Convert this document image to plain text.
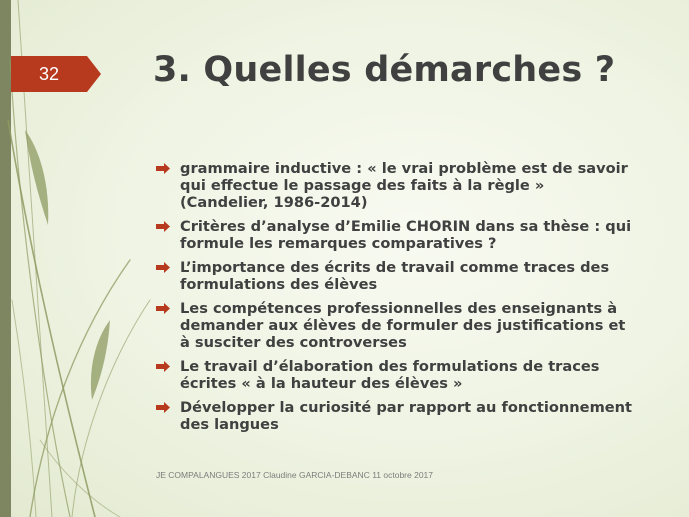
32	3. Quelles démarches ?
grammaire inductive : « le vrai problème est de savoir qui effectue le passage des faits à la règle » (Candelier, 1986-2014)
Critères d’analyse d’Emilie CHORIN dans sa thèse : qui formule les remarques comparatives ?
L’importance des écrits de travail comme traces des formulations des élèves
Les compétences professionnelles des enseignants à demander aux élèves de formuler des justifications et à susciter des controverses
Le travail d’élaboration des formulations de traces écrites « à la hauteur des élèves »
Développer la curiosité par rapport au fonctionnement des langues
JE COMPALANGUES 2017 Claudine GARCIA-DEBANC 11 octobre 2017
